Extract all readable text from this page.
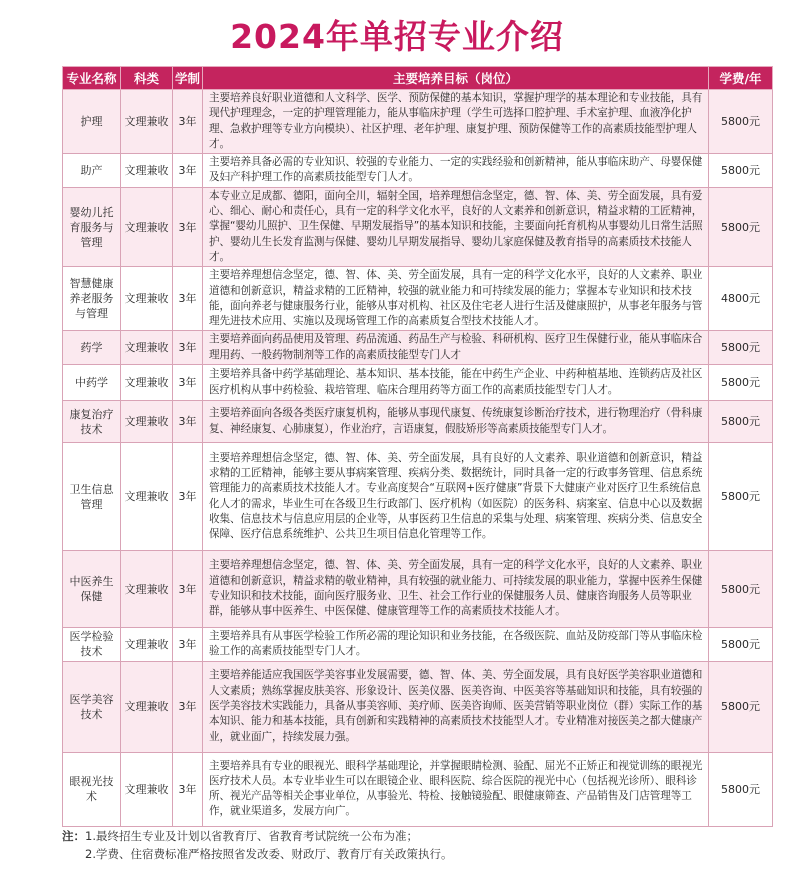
2024年单招专业介绍
专业名称	科类	学制	主要培养目标（岗位）	学费/年
护理	文理兼收	3年	主要培养良好职业道德和人文科学、医学、预防保健的基本知识，掌握护理学的基本理论和专业技能，具有现代护理理念，一定的护理管理能力，能从事临床护理（学生可选择口腔护理、手术室护理、血液净化护理、急救护理等专业方向模块）、社区护理、老年护理、康复护理、预防保健等工作的高素质技能型护理人才。	5800元
助产	文理兼收	3年	主要培养具备必需的专业知识、较强的专业能力、一定的实践经验和创新精神，能从事临床助产、母婴保健及妇产科护理工作的高素质技能型专门人才。	5800元
婴幼儿托育服务与管理	文理兼收	3年	本专业立足成都、德阳，面向全川，辐射全国，培养理想信念坚定，德、智、体、美、劳全面发展，具有爱心、细心、耐心和责任心，具有一定的科学文化水平，良好的人文素养和创新意识，精益求精的工匠精神，掌握“婴幼儿照护、卫生保健、早期发展指导”的基本知识和技能，主要面向托育机构从事婴幼儿日常生活照护、婴幼儿生长发育监测与保健、婴幼儿早期发展指导、婴幼儿家庭保健及教育指导的高素质技术技能人才。	5800元
智慧健康养老服务与管理	文理兼收	3年	主要培养理想信念坚定，德、智、体、美、劳全面发展，具有一定的科学文化水平，良好的人文素养、职业道德和创新意识，精益求精的工匠精神，较强的就业能力和可持续发展的能力；掌握本专业知识和技术技能，面向养老与健康服务行业，能够从事对机构、社区及住宅老人进行生活及健康照护，从事老年服务与管理先进技术应用、实施以及现场管理工作的高素质复合型技术技能人才。	4800元
药学	文理兼收	3年	主要培养面向药品使用及管理、药品流通、药品生产与检验、科研机构、医疗卫生保健行业，能从事临床合理用药、一般药物制剂等工作的高素质技能型专门人才	5800元
中药学	文理兼收	3年	主要培养具备中药学基础理论、基本知识、基本技能，能在中药生产企业、中药种植基地、连锁药店及社区医疗机构从事中药检验、栽培管理、临床合理用药等方面工作的高素质技能型专门人才。	5800元
康复治疗技术	文理兼收	3年	主要培养面向各级各类医疗康复机构，能够从事现代康复、传统康复诊断治疗技术，进行物理治疗（骨科康复、神经康复、心肺康复），作业治疗，言语康复，假肢矫形等高素质技能型专门人才。	5800元
卫生信息管理	文理兼收	3年	主要培养理想信念坚定，德、智、体、美、劳全面发展，具有良好的人文素养、职业道德和创新意识，精益求精的工匠精神，能够主要从事病案管理、疾病分类、数据统计，同时具备一定的行政事务管理、信息系统管理能力的高素质技术技能人才。专业高度契合“互联网+医疗健康”背景下大健康产业对医疗卫生系统信息化人才的需求，毕业生可在各级卫生行政部门、医疗机构（如医院）的医务科、病案室、信息中心以及数据收集、信息技术与信息应用层的企业等，从事医药卫生信息的采集与处理、病案管理、疾病分类、信息安全保障、医疗信息系统维护、公共卫生项目信息化管理等工作。	5800元
中医养生保健	文理兼收	3年	主要培养理想信念坚定，德、智、体、美、劳全面发展，具有一定的科学文化水平，良好的人文素养、职业道德和创新意识，精益求精的敬业精神，具有较强的就业能力、可持续发展的职业能力，掌握中医养生保健专业知识和技术技能，面向医疗服务业、卫生、社会工作行业的保健服务人员、健康咨询服务人员等职业群，能够从事中医养生、中医保健、健康管理等工作的高素质技术技能人才。	5800元
医学检验技术	文理兼收	3年	主要培养具有从事医学检验工作所必需的理论知识和业务技能，在各级医院、血站及防疫部门等从事临床检验工作的高素质技能型专门人才。	5800元
医学美容技术	文理兼收	3年	主要培养能适应我国医学美容事业发展需要，德、智、体、美、劳全面发展，具有良好医学美容职业道德和人文素质；熟练掌握皮肤美容、形象设计、医美仪器、医美咨询、中医美容等基础知识和技能，具有较强的医学美容技术实践能力，具备从事美容师、美疗师、医美咨询师、医美营销等职业岗位（群）实际工作的基本知识、能力和基本技能，具有创新和实践精神的高素质技术技能型人才。专业精准对接医美之都大健康产业，就业面广，持续发展力强。	5800元
眼视光技术	文理兼收	3年	主要培养具有专业的眼视光、眼科学基础理论，并掌握眼睛检测、验配、屈光不正矫正和视觉训练的眼视光医疗技术人员。本专业毕业生可以在眼镜企业、眼科医院、综合医院的视光中心（包括视光诊所）、眼科诊所、视光产品等相关企事业单位，从事验光、特检、接触镜验配、眼健康筛查、产品销售及门店管理等工作，就业渠道多，发展方向广。	5800元
注：1.最终招生专业及计划以省教育厅、省教育考试院统一公布为准；
2.学费、住宿费标准严格按照省发改委、财政厅、教育厅有关政策执行。
